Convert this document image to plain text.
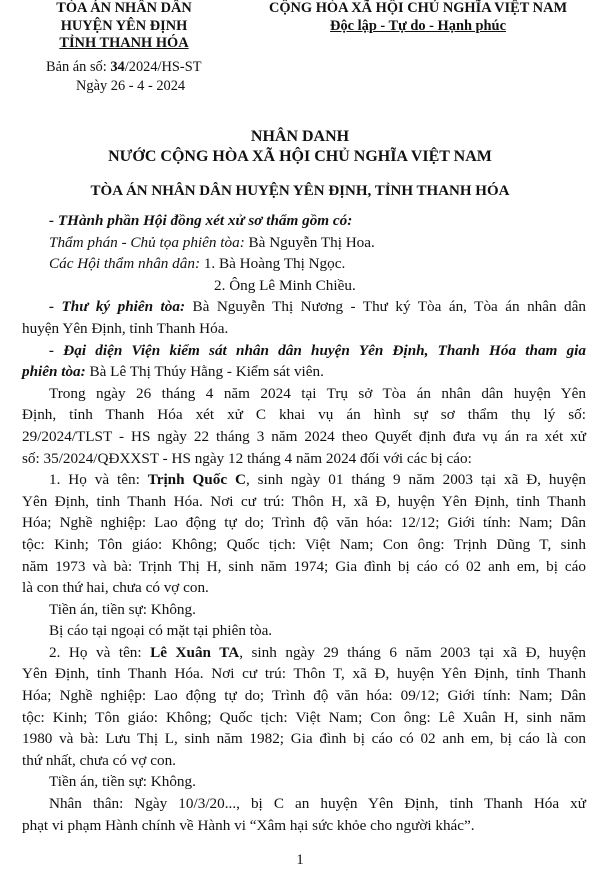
TÒA ÁN NHÂN DÂN
HUYỆN YÊN ĐỊNH
TỈNH THANH HÓA
CỘNG HÒA XÃ HỘI CHỦ NGHĨA VIỆT NAM
Độc lập - Tự do - Hạnh phúc
Bản án số: 34/2024/HS-ST
Ngày 26 - 4 - 2024
NHÂN DANH
NƯỚC CỘNG HÒA XÃ HỘI CHỦ NGHĨA VIỆT NAM
TÒA ÁN NHÂN DÂN HUYỆN YÊN ĐỊNH, TỈNH THANH HÓA

- THành phần Hội đồng xét xử sơ thẩm gồm có:

Thẩm phán - Chủ tọa phiên tòa: Bà Nguyễn Thị Hoa.

Các Hội thẩm nhân dân: 1. Bà Hoàng Thị Ngọc.

2. Ông Lê Minh Chiều.

- Thư ký phiên tòa: Bà Nguyễn Thị Nương - Thư ký Tòa án, Tòa án nhân dân

huyện Yên Định, tỉnh Thanh Hóa.

- Đại diện Viện kiểm sát nhân dân huyện Yên Định, Thanh Hóa tham gia

phiên tòa: Bà Lê Thị Thúy Hằng - Kiểm sát viên.

Trong ngày 26 tháng 4 năm 2024 tại Trụ sở Tòa án nhân dân huyện Yên

Định, tỉnh Thanh Hóa xét xử C khai vụ án hình sự sơ thẩm thụ lý số:

29/2024/TLST - HS ngày 22 tháng 3 năm 2024 theo Quyết định đưa vụ án ra xét xử

số: 35/2024/QĐXXST - HS ngày 12 tháng 4 năm 2024 đối với các bị cáo:

1. Họ và tên: Trịnh Quốc C, sinh ngày 01 tháng 9 năm 2003 tại xã Đ, huyện

Yên Định, tỉnh Thanh Hóa. Nơi cư trú: Thôn H, xã Đ, huyện Yên Định, tỉnh Thanh

Hóa; Nghề nghiệp: Lao động tự do; Trình độ văn hóa: 12/12; Giới tính: Nam; Dân

tộc: Kinh; Tôn giáo: Không; Quốc tịch: Việt Nam; Con ông: Trịnh Dũng T, sinh

năm 1973 và bà: Trịnh Thị H, sinh năm 1974; Gia đình bị cáo có 02 anh em, bị cáo

là con thứ hai, chưa có vợ con.

Tiền án, tiền sự: Không.

Bị cáo tại ngoại có mặt tại phiên tòa.

2. Họ và tên: Lê Xuân TA, sinh ngày 29 tháng 6 năm 2003 tại xã Đ, huyện

Yên Định, tỉnh Thanh Hóa. Nơi cư trú: Thôn T, xã Đ, huyện Yên Định, tỉnh Thanh

Hóa; Nghề nghiệp: Lao động tự do; Trình độ văn hóa: 09/12; Giới tính: Nam; Dân

tộc: Kinh; Tôn giáo: Không; Quốc tịch: Việt Nam; Con ông: Lê Xuân H, sinh năm

1980 và bà: Lưu Thị L, sinh năm 1982; Gia đình bị cáo có 02 anh em, bị cáo là con

thứ nhất, chưa có vợ con.

Tiền án, tiền sự: Không.

Nhân thân: Ngày 10/3/20..., bị C an huyện Yên Định, tỉnh Thanh Hóa xử

phạt vi phạm Hành chính về Hành vi “Xâm hại sức khỏe cho người khác”.

1
